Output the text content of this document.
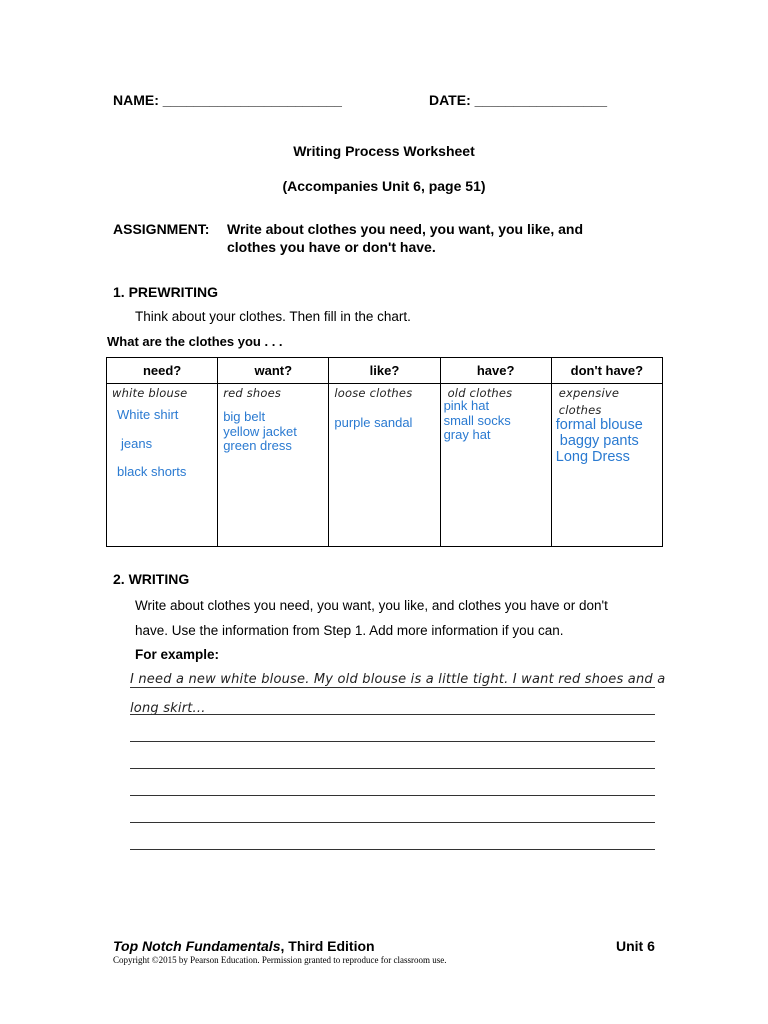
NAME: _______________________	DATE: _________________
Writing Process Worksheet
(Accompanies Unit 6, page 51)
ASSIGNMENT: Write about clothes you need, you want, you like, and
clothes you have or don't have.
1. PREWRITING
Think about your clothes. Then fill in the chart.
What are the clothes you . . .
need?	want?	like?	have?	don't have?

white blouse
White shirt
jeans
black shorts	red shoes
big belt
yellow jacket
green dress	loose clothes
purple sandal	old clothes
pink hat
small socks
gray hat	expensive
clothes
formal blouse
baggy pants
Long Dress
2. WRITING
Write about clothes you need, you want, you like, and clothes you have or don't
have. Use the information from Step 1. Add more information if you can.
For example:
I need a new white blouse. My old blouse is a little tight. I want red shoes and a
long skirt...
Top Notch Fundamentals, Third Edition	Unit 6
Copyright ©2015 by Pearson Education. Permission granted to reproduce for classroom use.
